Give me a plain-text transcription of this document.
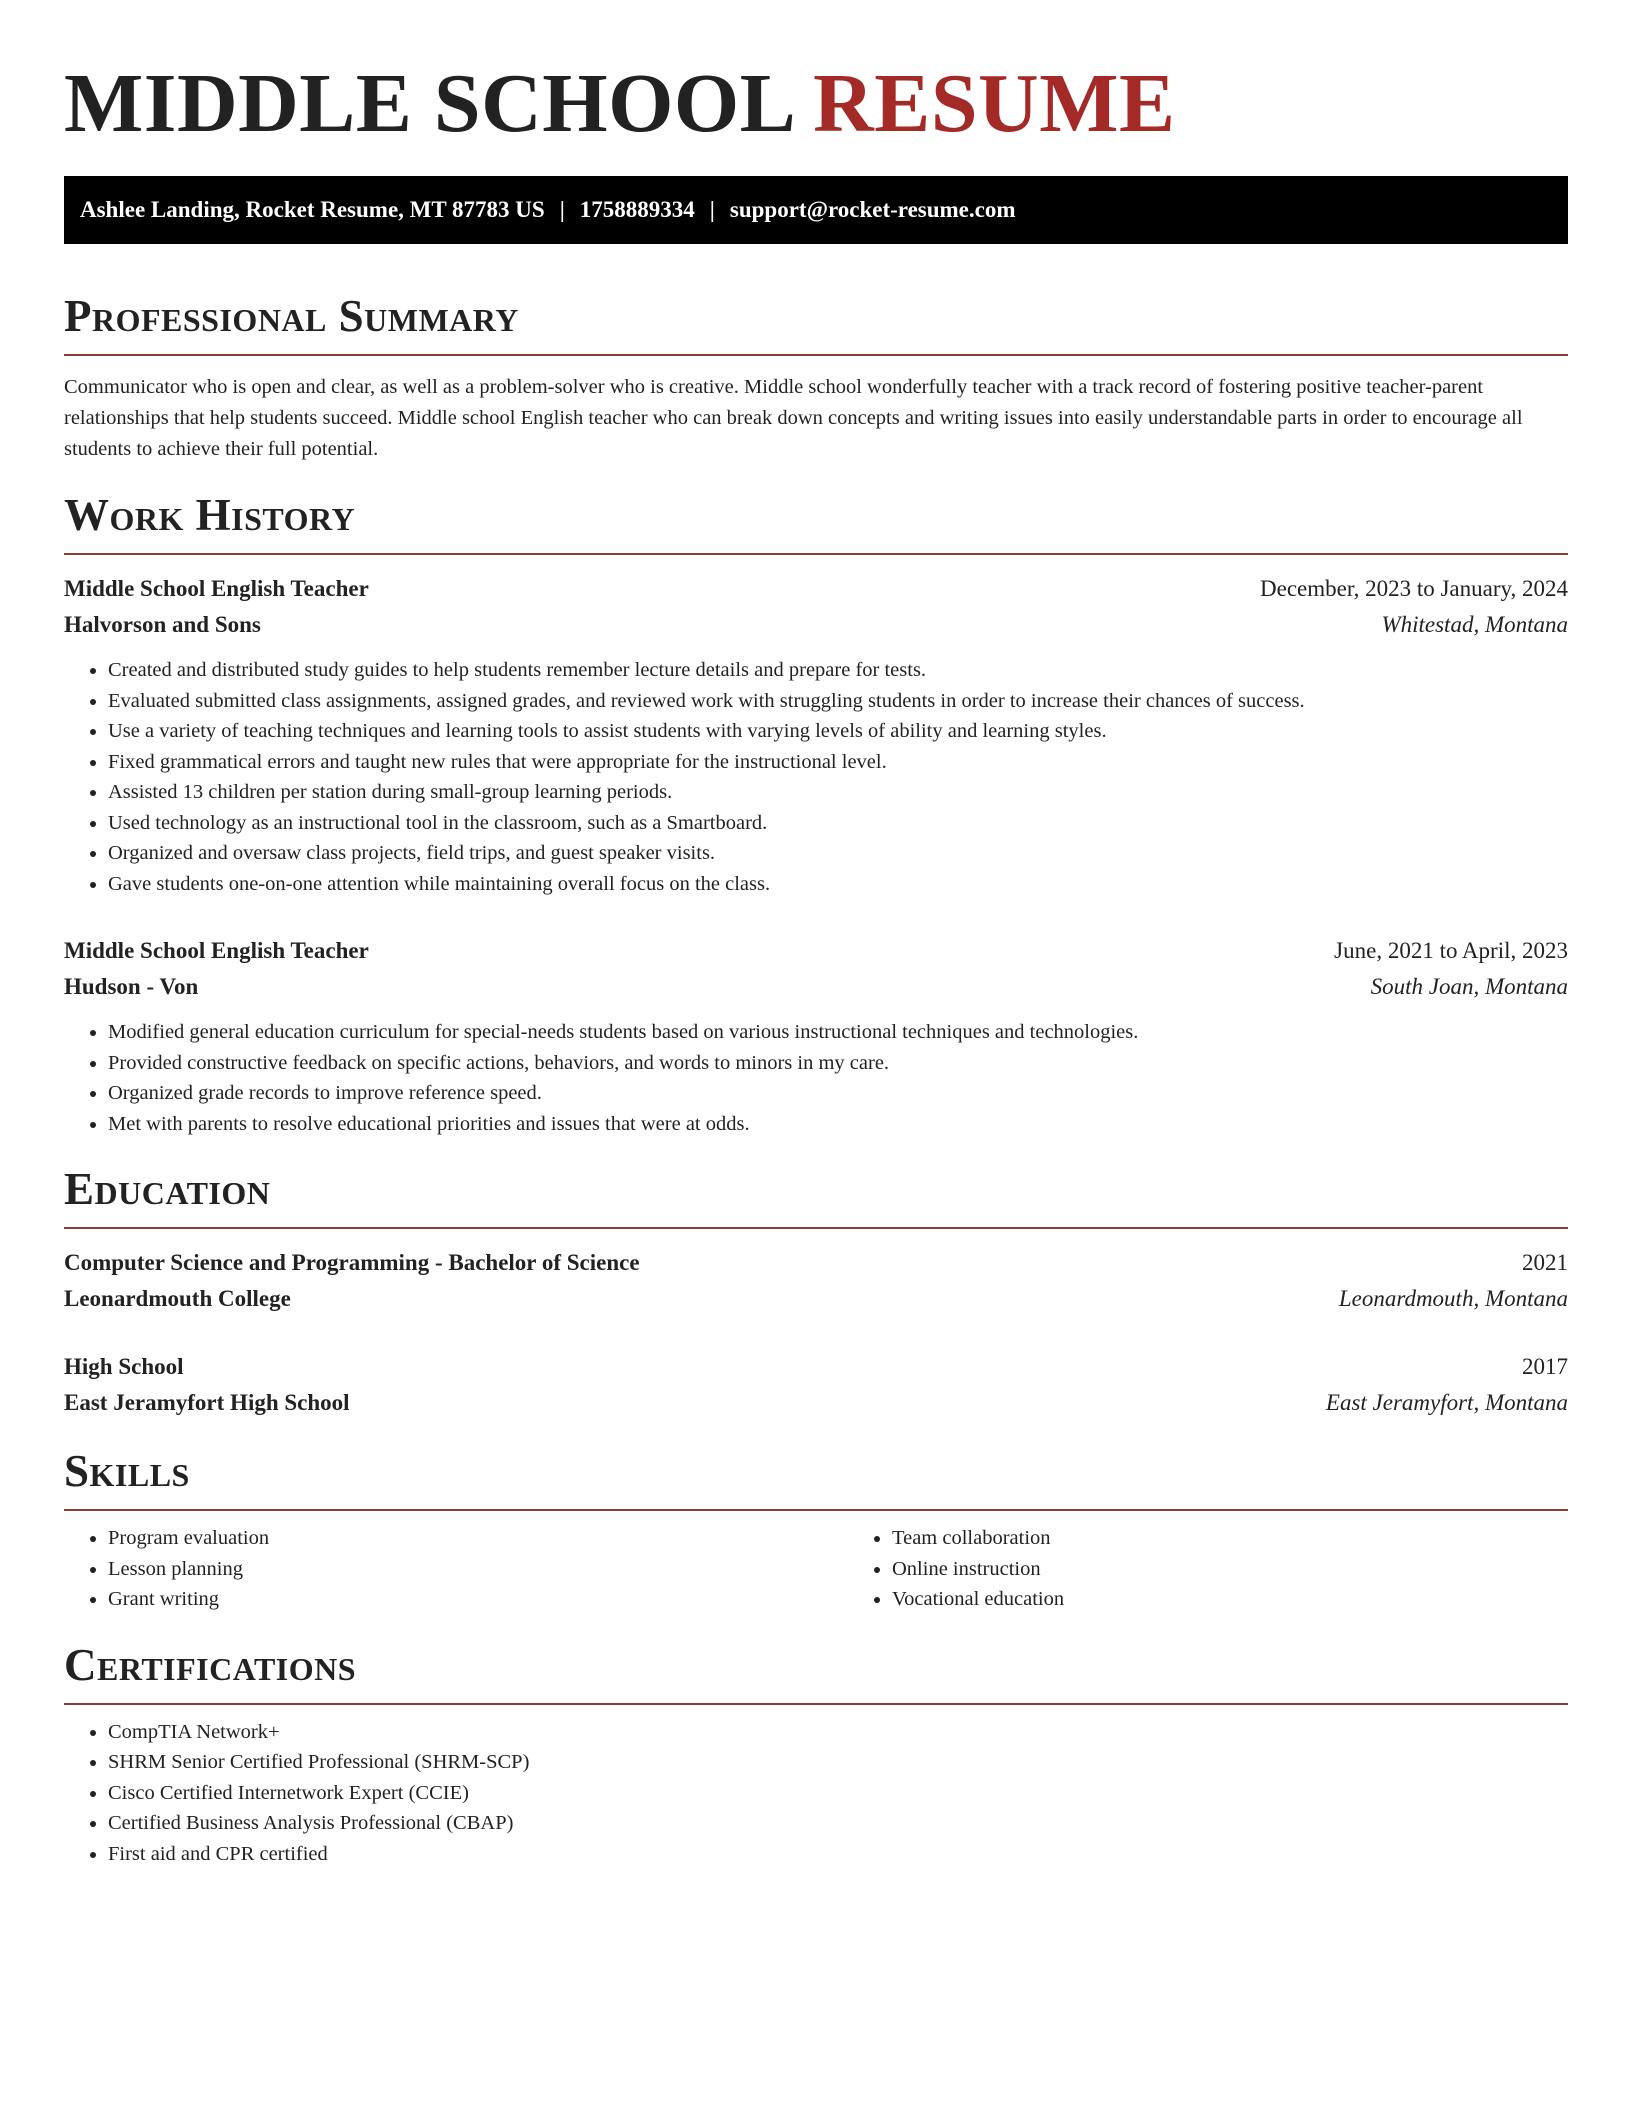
MIDDLE SCHOOL RESUME
Ashlee Landing, Rocket Resume, MT 87783 US | 1758889334 | support@rocket-resume.com
Professional Summary

Communicator who is open and clear, as well as a problem-solver who is creative. Middle school wonderfully teacher with a track record of fostering positive teacher-parent relationships that help students succeed. Middle school English teacher who can break down concepts and writing issues into easily understandable parts in order to encourage all students to achieve their full potential.

Work History
Middle School English Teacher	December, 2023 to January, 2024
Halvorson and Sons	Whitestad, Montana
• Created and distributed study guides to help students remember lecture details and prepare for tests.
• Evaluated submitted class assignments, assigned grades, and reviewed work with struggling students in order to increase their chances of success.
• Use a variety of teaching techniques and learning tools to assist students with varying levels of ability and learning styles.
• Fixed grammatical errors and taught new rules that were appropriate for the instructional level.
• Assisted 13 children per station during small-group learning periods.
• Used technology as an instructional tool in the classroom, such as a Smartboard.
• Organized and oversaw class projects, field trips, and guest speaker visits.
• Gave students one-on-one attention while maintaining overall focus on the class.
Middle School English Teacher	June, 2021 to April, 2023
Hudson - Von	South Joan, Montana
• Modified general education curriculum for special-needs students based on various instructional techniques and technologies.
• Provided constructive feedback on specific actions, behaviors, and words to minors in my care.
• Organized grade records to improve reference speed.
• Met with parents to resolve educational priorities and issues that were at odds.
Education
Computer Science and Programming - Bachelor of Science	2021
Leonardmouth College	Leonardmouth, Montana
High School	2017
East Jeramyfort High School	East Jeramyfort, Montana
Skills
• Program evaluation
• Lesson planning
• Grant writing
• Team collaboration
• Online instruction
• Vocational education
Certifications
• CompTIA Network+
• SHRM Senior Certified Professional (SHRM-SCP)
• Cisco Certified Internetwork Expert (CCIE)
• Certified Business Analysis Professional (CBAP)
• First aid and CPR certified
